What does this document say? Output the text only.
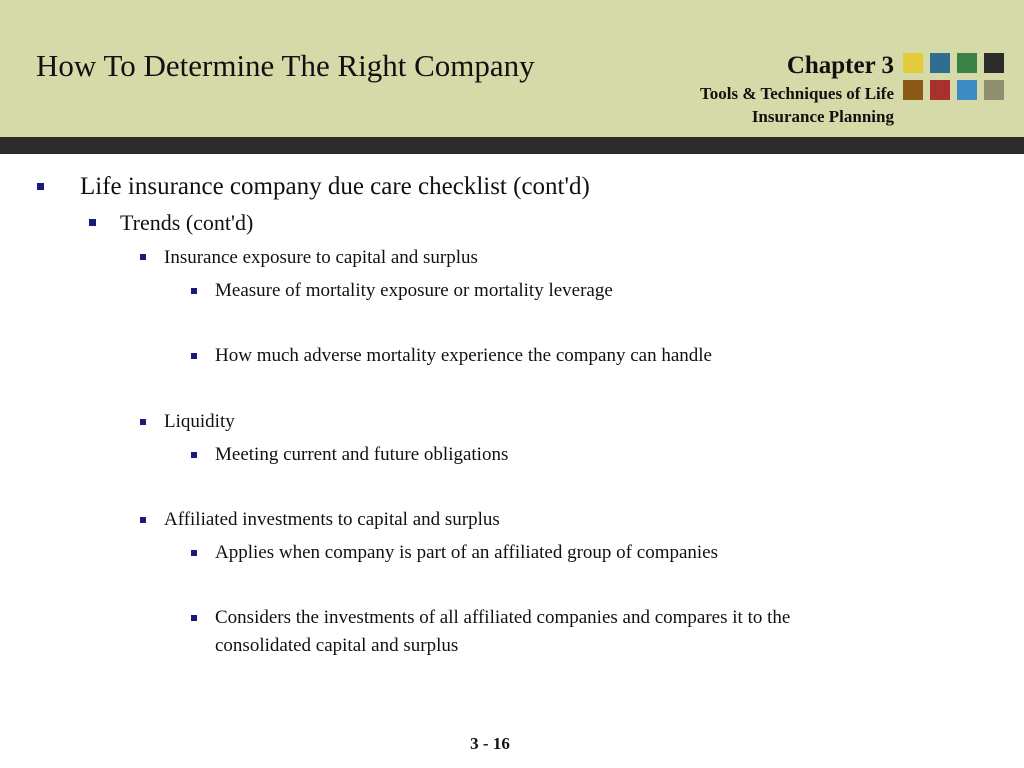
How To Determine The Right Company	Chapter 3
Tools & Techniques of Life
Insurance Planning
Life insurance company due care checklist (cont'd)
Trends (cont'd)
Insurance exposure to capital and surplus
Measure of mortality exposure or mortality leverage
How much adverse mortality experience the company can handle
Liquidity
Meeting current and future obligations
Affiliated investments to capital and surplus
Applies when company is part of an affiliated group of companies
Considers the investments of all affiliated companies and compares it to the
consolidated capital and surplus
3 - 16
